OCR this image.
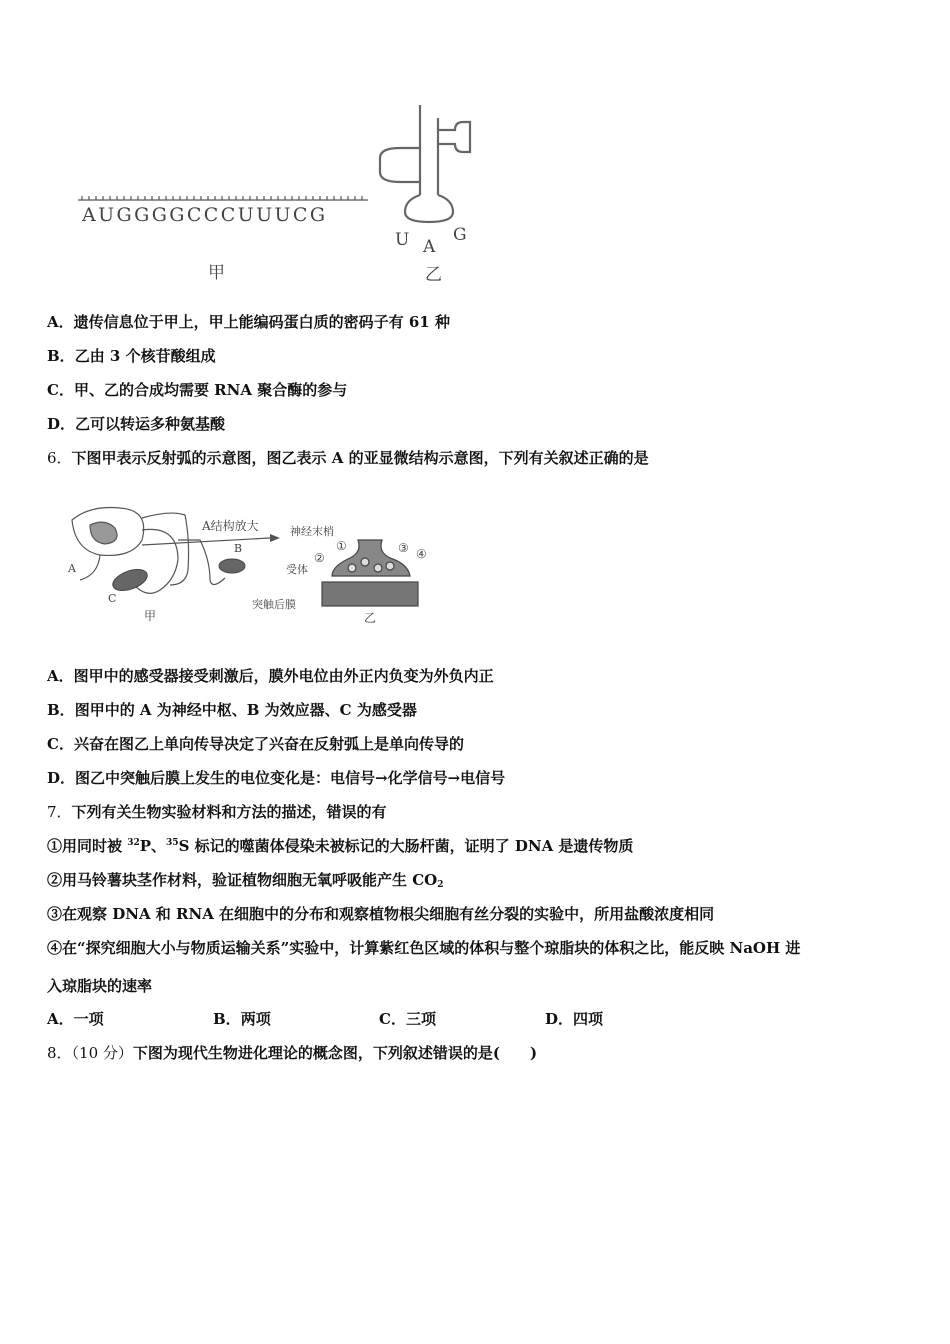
AUGGGGCCCUUUCG
甲
U A
G
乙
A．遗传信息位于甲上，甲上能编码蛋白质的密码子有 61 种
B．乙由 3 个核苷酸组成
C．甲、乙的合成均需要 RNA 聚合酶的参与
D．乙可以转运多种氨基酸
6．下图甲表示反射弧的示意图，图乙表示 A 的亚显微结构示意图，下列有关叙述正确的是
A结构放大
A
B
C
甲
神经末梢
受体
突触后膜
①
②
③ ④
乙
A．图甲中的感受器接受刺激后，膜外电位由外正内负变为外负内正
B．图甲中的 A 为神经中枢、B 为效应器、C 为感受器
C．兴奋在图乙上单向传导决定了兴奋在反射弧上是单向传导的
D．图乙中突触后膜上发生的电位变化是：电信号→化学信号→电信号
7．下列有关生物实验材料和方法的描述，错误的有
①用同时被 $^{32}$P、$^{35}$S 标记的噬菌体侵染未被标记的大肠杆菌，证明了 DNA 是遗传物质
②用马铃薯块茎作材料，验证植物细胞无氧呼吸能产生 $CO_2$
③在观察 DNA 和 RNA 在细胞中的分布和观察植物根尖细胞有丝分裂的实验中，所用盐酸浓度相同
④在“探究细胞大小与物质运输关系”实验中，计算紫红色区域的体积与整个琼脂块的体积之比，能反映 NaOH 进
入琼脂块的速率
A．一项	B．两项	C．三项	D．四项
8．（10 分）下图为现代生物进化理论的概念图，下列叙述错误的是(　　)
